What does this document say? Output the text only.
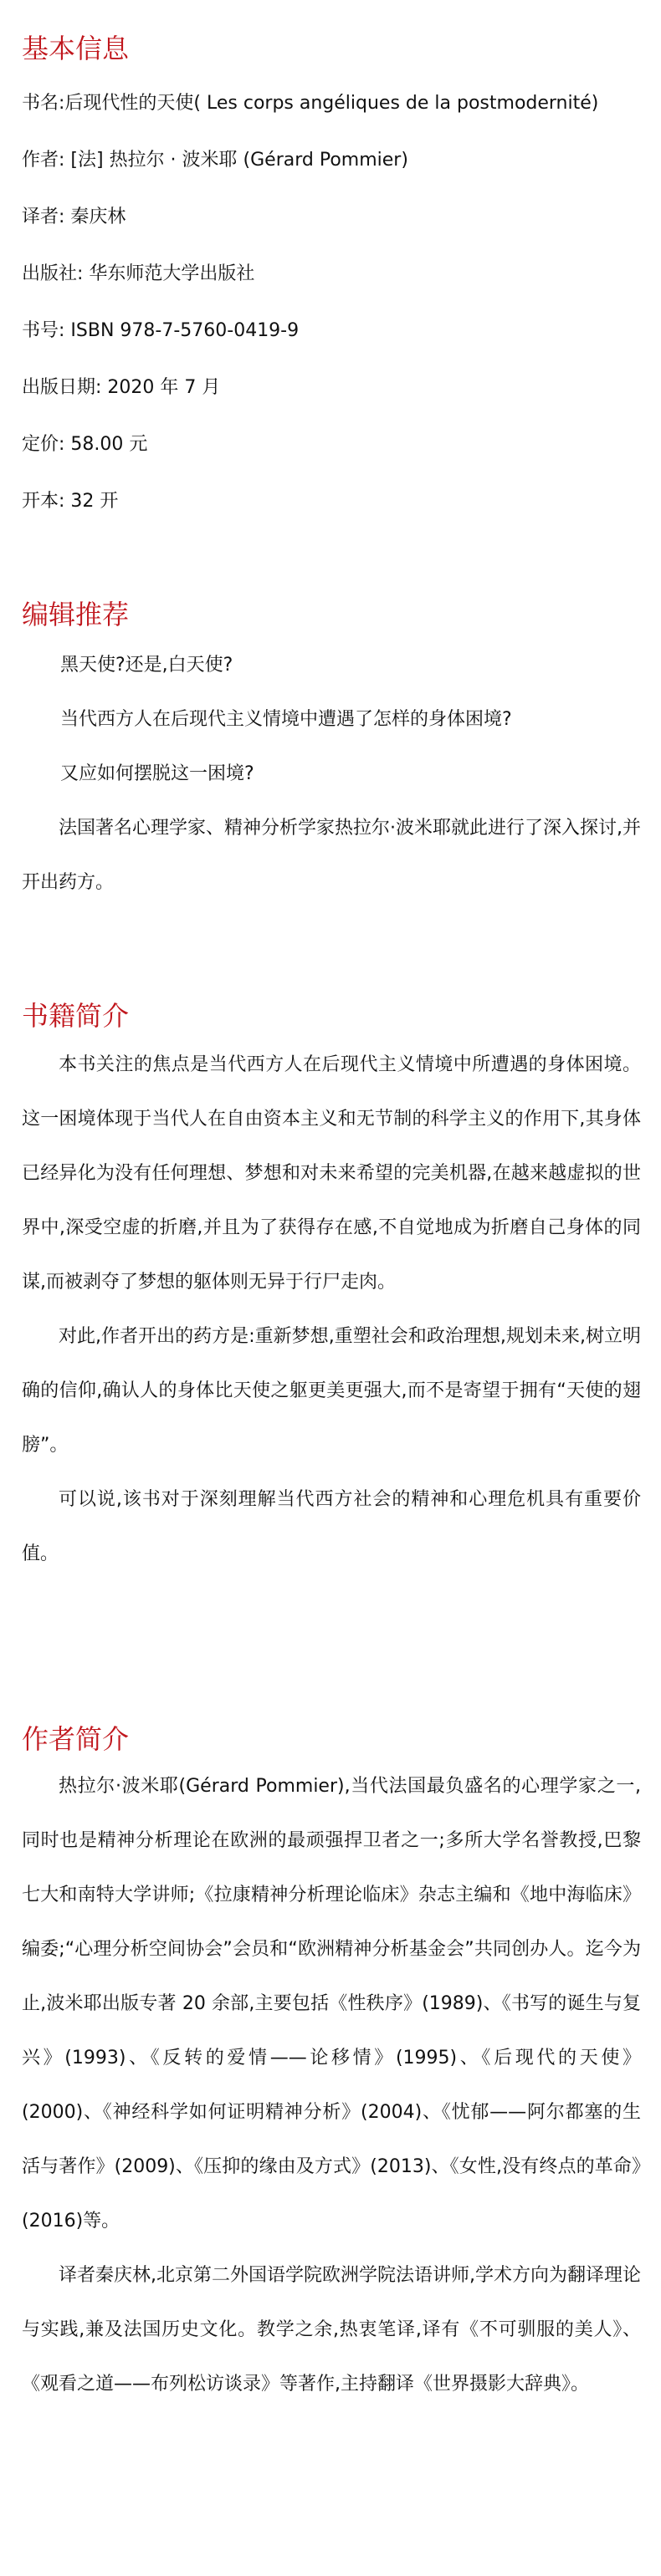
基本信息

书名:后现代性的天使( Les corps angéliques de la postmodernité)

作者: [法] 热拉尔 · 波米耶 (Gérard Pommier)

译者: 秦庆林

出版社: 华东师范大学出版社

书号: ISBN 978-7-5760-0419-9

出版日期: 2020 年 7 月

定价: 58.00 元

开本: 32 开

编辑推荐

黑天使?还是,白天使?

当代西方人在后现代主义情境中遭遇了怎样的身体困境?

又应如何摆脱这一困境?

法国著名心理学家、精神分析学家热拉尔·波米耶就此进行了深入探讨,并开出药方。

书籍简介

本书关注的焦点是当代西方人在后现代主义情境中所遭遇的身体困境。这一困境体现于当代人在自由资本主义和无节制的科学主义的作用下,其身体已经异化为没有任何理想、梦想和对未来希望的完美机器,在越来越虚拟的世界中,深受空虚的折磨,并且为了获得存在感,不自觉地成为折磨自己身体的同谋,而被剥夺了梦想的躯体则无异于行尸走肉。

对此,作者开出的药方是:重新梦想,重塑社会和政治理想,规划未来,树立明确的信仰,确认人的身体比天使之躯更美更强大,而不是寄望于拥有“天使的翅膀”。

可以说,该书对于深刻理解当代西方社会的精神和心理危机具有重要价值。

作者简介

热拉尔·波米耶(Gérard Pommier),当代法国最负盛名的心理学家之一,同时也是精神分析理论在欧洲的最顽强捍卫者之一;多所大学名誉教授,巴黎七大和南特大学讲师;《拉康精神分析理论临床》杂志主编和《地中海临床》编委;“心理分析空间协会”会员和“欧洲精神分析基金会”共同创办人。迄今为止,波米耶出版专著 20 余部,主要包括《性秩序》(1989)、《书写的诞生与复兴》(1993)、《反转的爱情——论移情》(1995)、《后现代的天使》(2000)、《神经科学如何证明精神分析》(2004)、《忧郁——阿尔都塞的生活与著作》(2009)、《压抑的缘由及方式》(2013)、《女性,没有终点的革命》(2016)等。

译者秦庆林,北京第二外国语学院欧洲学院法语讲师,学术方向为翻译理论与实践,兼及法国历史文化。教学之余,热衷笔译,译有《不可驯服的美人》、《观看之道——布列松访谈录》等著作,主持翻译《世界摄影大辞典》。
